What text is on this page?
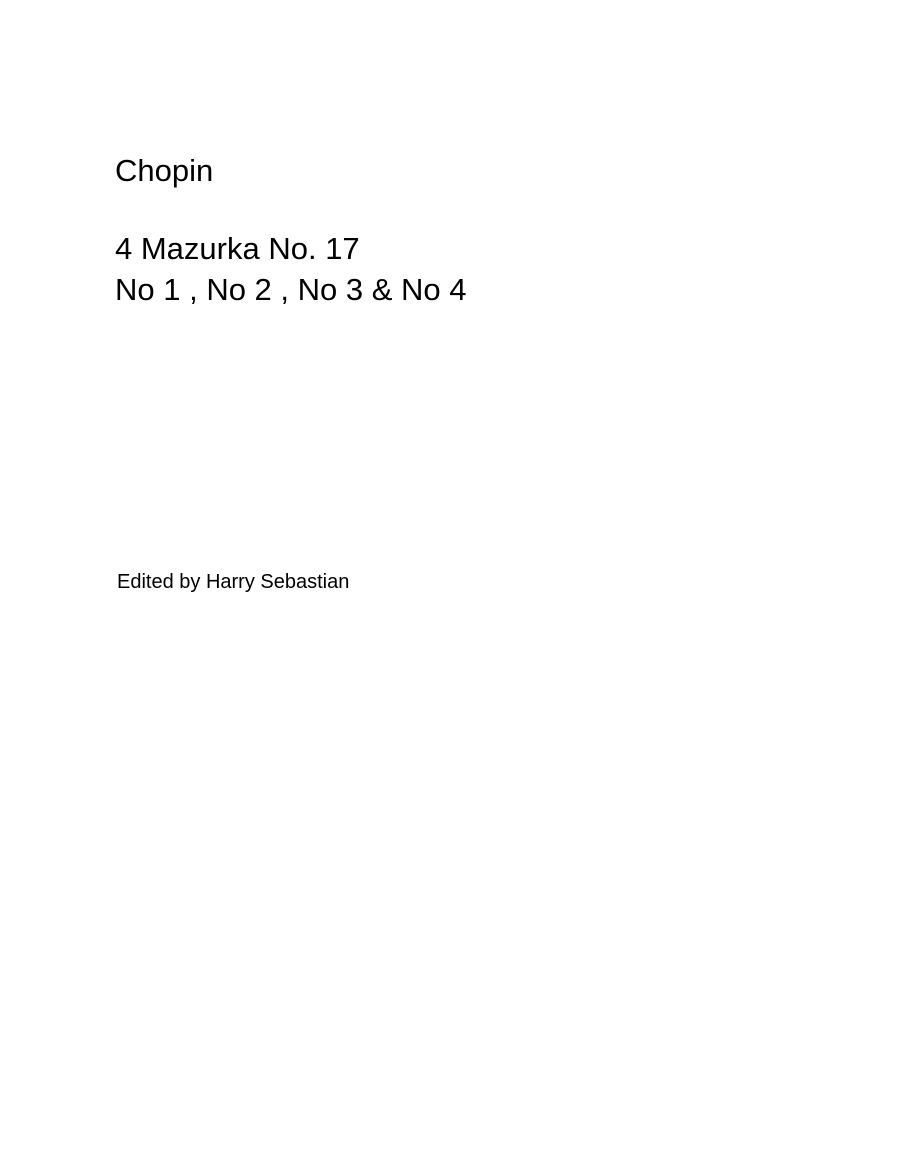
Chopin
4 Mazurka No. 17
No 1 , No 2 , No 3 & No 4
Edited by Harry Sebastian
